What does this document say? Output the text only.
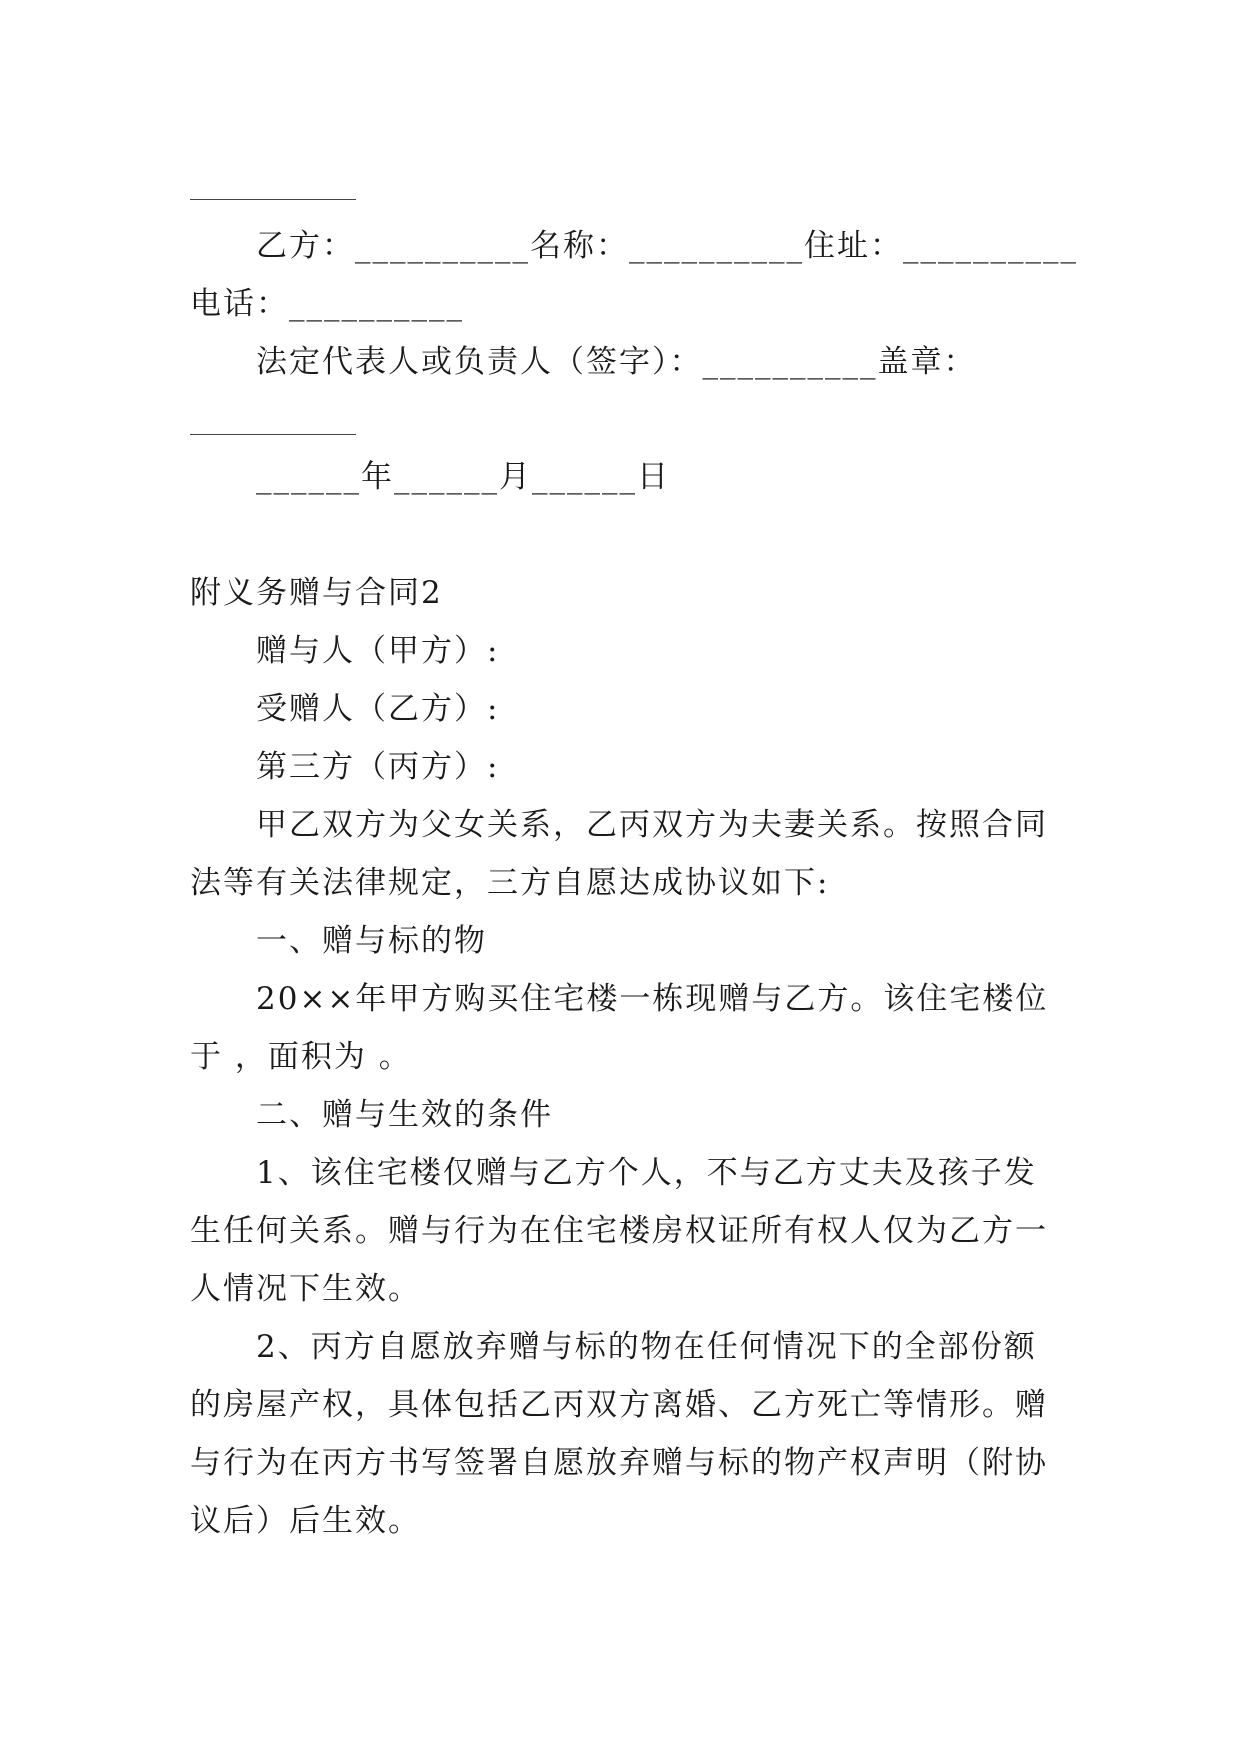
乙方：__________名称：__________住址：__________
电话：__________
法定代表人或负责人（签字）：__________盖章：
______年______月______日
附义务赠与合同2
赠与人（甲方）:
受赠人（乙方）:
第三方（丙方）:
甲乙双方为父女关系，乙丙双方为夫妻关系。按照合同
法等有关法律规定，三方自愿达成协议如下:
一、赠与标的物
20××年甲方购买住宅楼一栋现赠与乙方。该住宅楼位
于 ，面积为 。
二、赠与生效的条件
1、该住宅楼仅赠与乙方个人，不与乙方丈夫及孩子发
生任何关系。赠与行为在住宅楼房权证所有权人仅为乙方一
人情况下生效。
2、丙方自愿放弃赠与标的物在任何情况下的全部份额
的房屋产权，具体包括乙丙双方离婚、乙方死亡等情形。赠
与行为在丙方书写签署自愿放弃赠与标的物产权声明（附协
议后）后生效。
